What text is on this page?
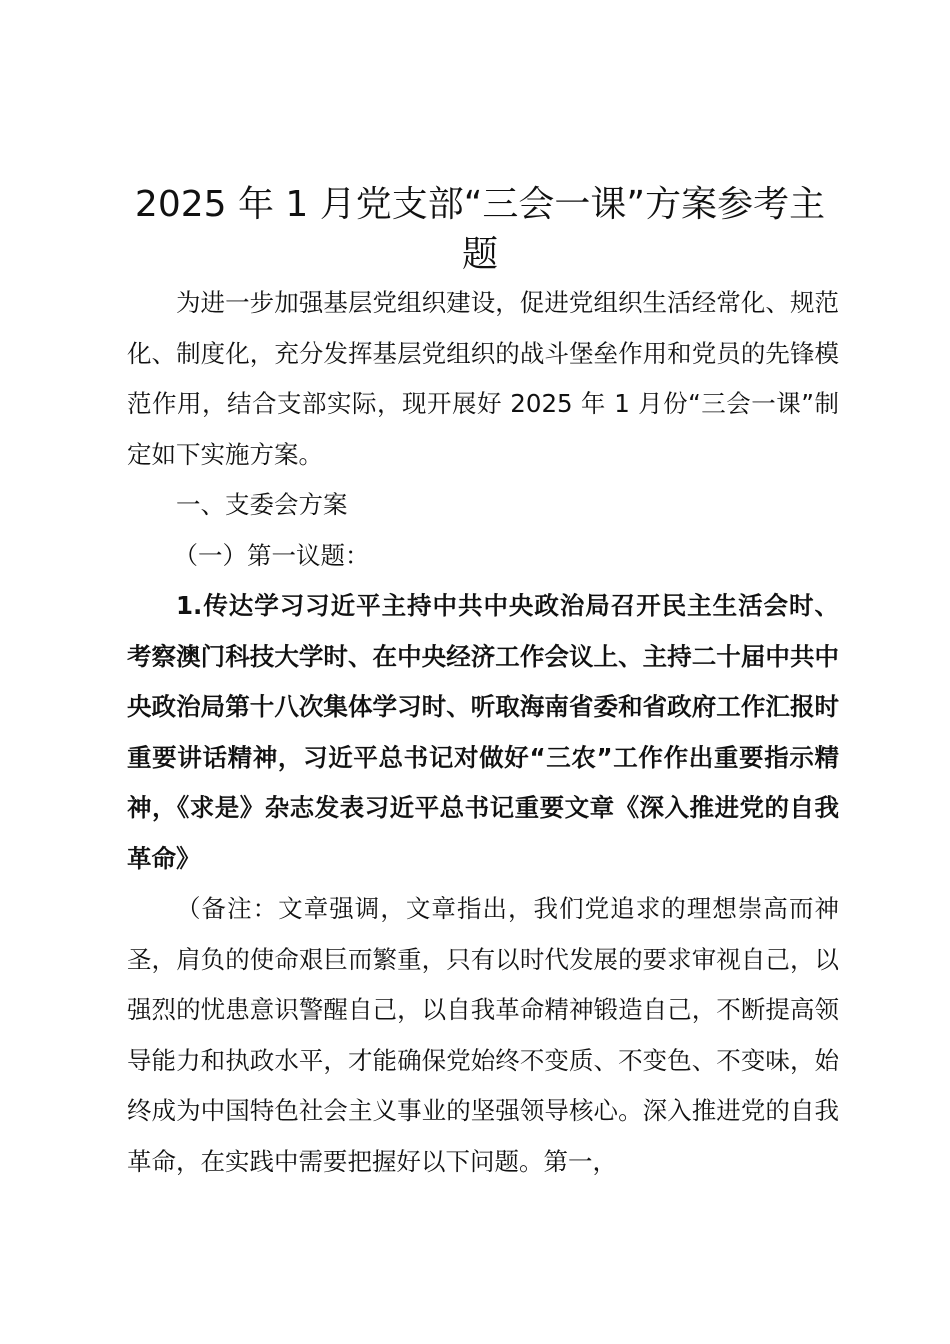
2025 年 1 月党支部“三会一课”方案参考主题

为进一步加强基层党组织建设，促进党组织生活经常化、规范化、制度化，充分发挥基层党组织的战斗堡垒作用和党员的先锋模范作用，结合支部实际，现开展好 2025 年 1 月份“三会一课”制定如下实施方案。

一、支委会方案

（一）第一议题：

1.传达学习习近平主持中共中央政治局召开民主生活会时、考察澳门科技大学时、在中央经济工作会议上、主持二十届中共中央政治局第十八次集体学习时、听取海南省委和省政府工作汇报时重要讲话精神，习近平总书记对做好“三农”工作作出重要指示精神，《求是》杂志发表习近平总书记重要文章《深入推进党的自我革命》

（备注：文章强调，文章指出，我们党追求的理想崇高而神圣，肩负的使命艰巨而繁重，只有以时代发展的要求审视自己，以强烈的忧患意识警醒自己，以自我革命精神锻造自己，不断提高领导能力和执政水平，才能确保党始终不变质、不变色、不变味，始终成为中国特色社会主义事业的坚强领导核心。深入推进党的自我革命，在实践中需要把握好以下问题。第一，
